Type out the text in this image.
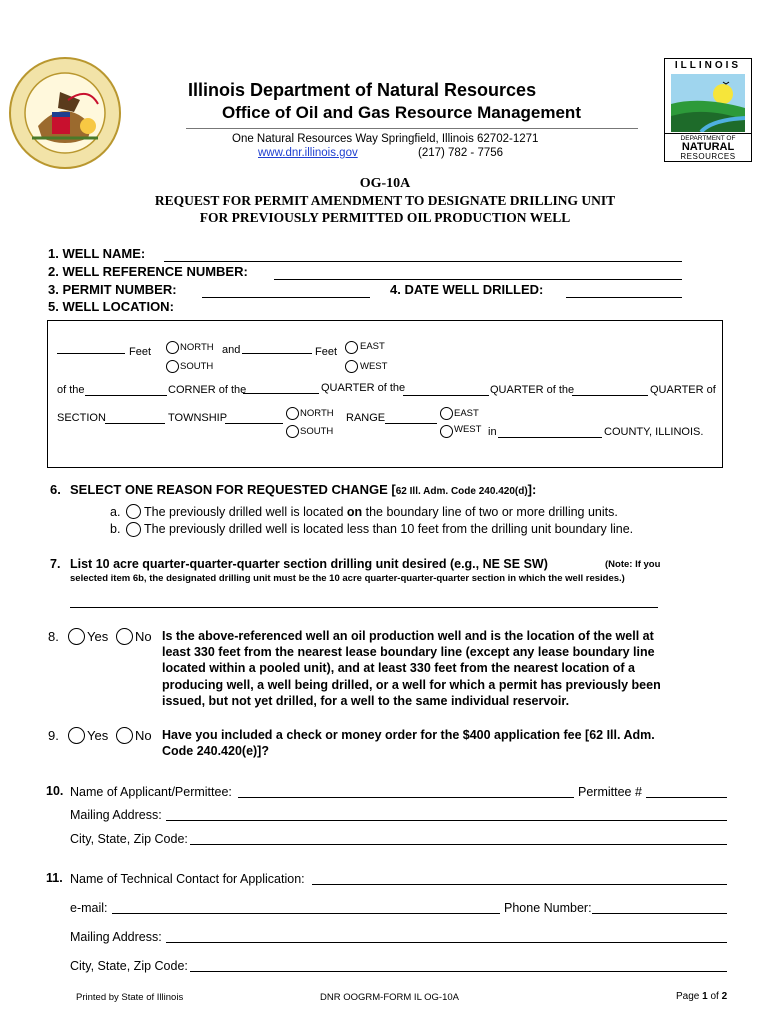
Illinois Department of Natural Resources
Office of Oil and Gas Resource Management
One Natural Resources Way Springfield, Illinois 62702-1271
www.dnr.illinois.gov	(217) 782 - 7756
ILLINOIS
DEPARTMENT OF
NATURAL
RESOURCES
OG-10A
REQUEST FOR PERMIT AMENDMENT TO DESIGNATE DRILLING UNIT
FOR PREVIOUSLY PERMITTED OIL PRODUCTION WELL
1. WELL NAME:
2. WELL REFERENCE NUMBER:
3. PERMIT NUMBER:	4. DATE WELL DRILLED:
5. WELL LOCATION:
Feet	NORTH
SOUTH
and	Feet EAST
WEST
of the	CORNER of the	QUARTER of the	QUARTER of the	QUARTER of
SECTION	TOWNSHIP	NORTH
SOUTH
RANGE	EAST
WEST in	COUNTY, ILLINOIS.
6. SELECT ONE REASON FOR REQUESTED CHANGE [62 Ill. Adm. Code 240.420(d)]:
a. The previously drilled well is located on the boundary line of two or more drilling units.
b. The previously drilled well is located less than 10 feet from the drilling unit boundary line.
7. List 10 acre quarter-quarter-quarter section drilling unit desired (e.g., NE SE SW)	(Note: If you
selected item 6b, the designated drilling unit must be the 10 acre quarter-quarter-quarter section in which the well resides.)
8. Yes No Is the above-referenced well an oil production well and is the location of the well at
least 330 feet from the nearest lease boundary line (except any lease boundary line
located within a pooled unit), and at least 330 feet from the nearest location of a
producing well, a well being drilled, or a well for which a permit has previously been
issued, but not yet drilled, for a well to the same individual reservoir.
9. Yes No Have you included a check or money order for the $400 application fee [62 Ill. Adm.
Code 240.420(e)]?
10. Name of Applicant/Permittee:	Permittee #
Mailing Address:
City, State, Zip Code:
11. Name of Technical Contact for Application:
e-mail:	Phone Number:
Mailing Address:
City, State, Zip Code:
Printed by State of Illinois	DNR OOGRM-FORM IL OG-10A	Page 1 of 2
